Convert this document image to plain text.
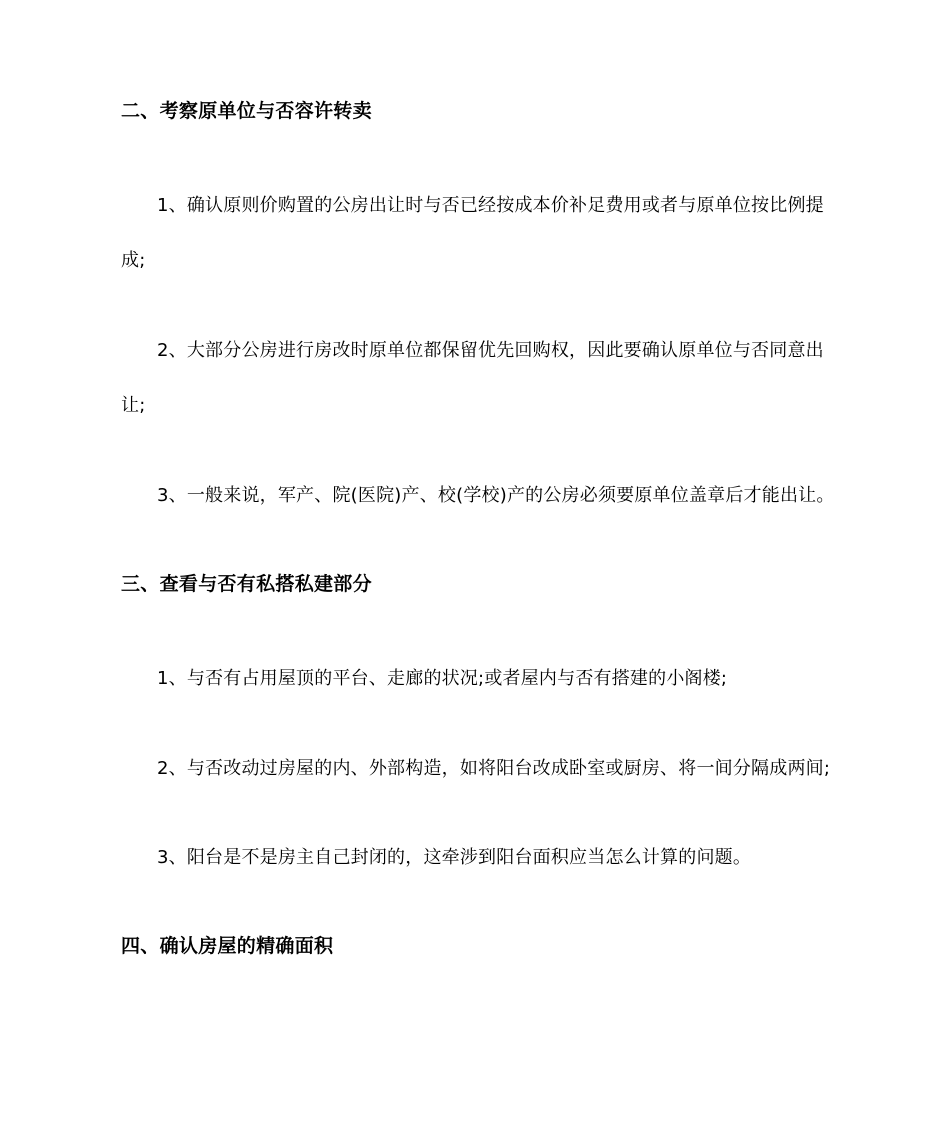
二、考察原单位与否容许转卖
1、确认原则价购置的公房出让时与否已经按成本价补足费用或者与原单位按比例提
成;
2、大部分公房进行房改时原单位都保留优先回购权，因此要确认原单位与否同意出
让;
3、一般来说，军产、院(医院)产、校(学校)产的公房必须要原单位盖章后才能出让。
三、查看与否有私搭私建部分
1、与否有占用屋顶的平台、走廊的状况;或者屋内与否有搭建的小阁楼;
2、与否改动过房屋的内、外部构造，如将阳台改成卧室或厨房、将一间分隔成两间;
3、阳台是不是房主自己封闭的，这牵涉到阳台面积应当怎么计算的问题。
四、确认房屋的精确面积
